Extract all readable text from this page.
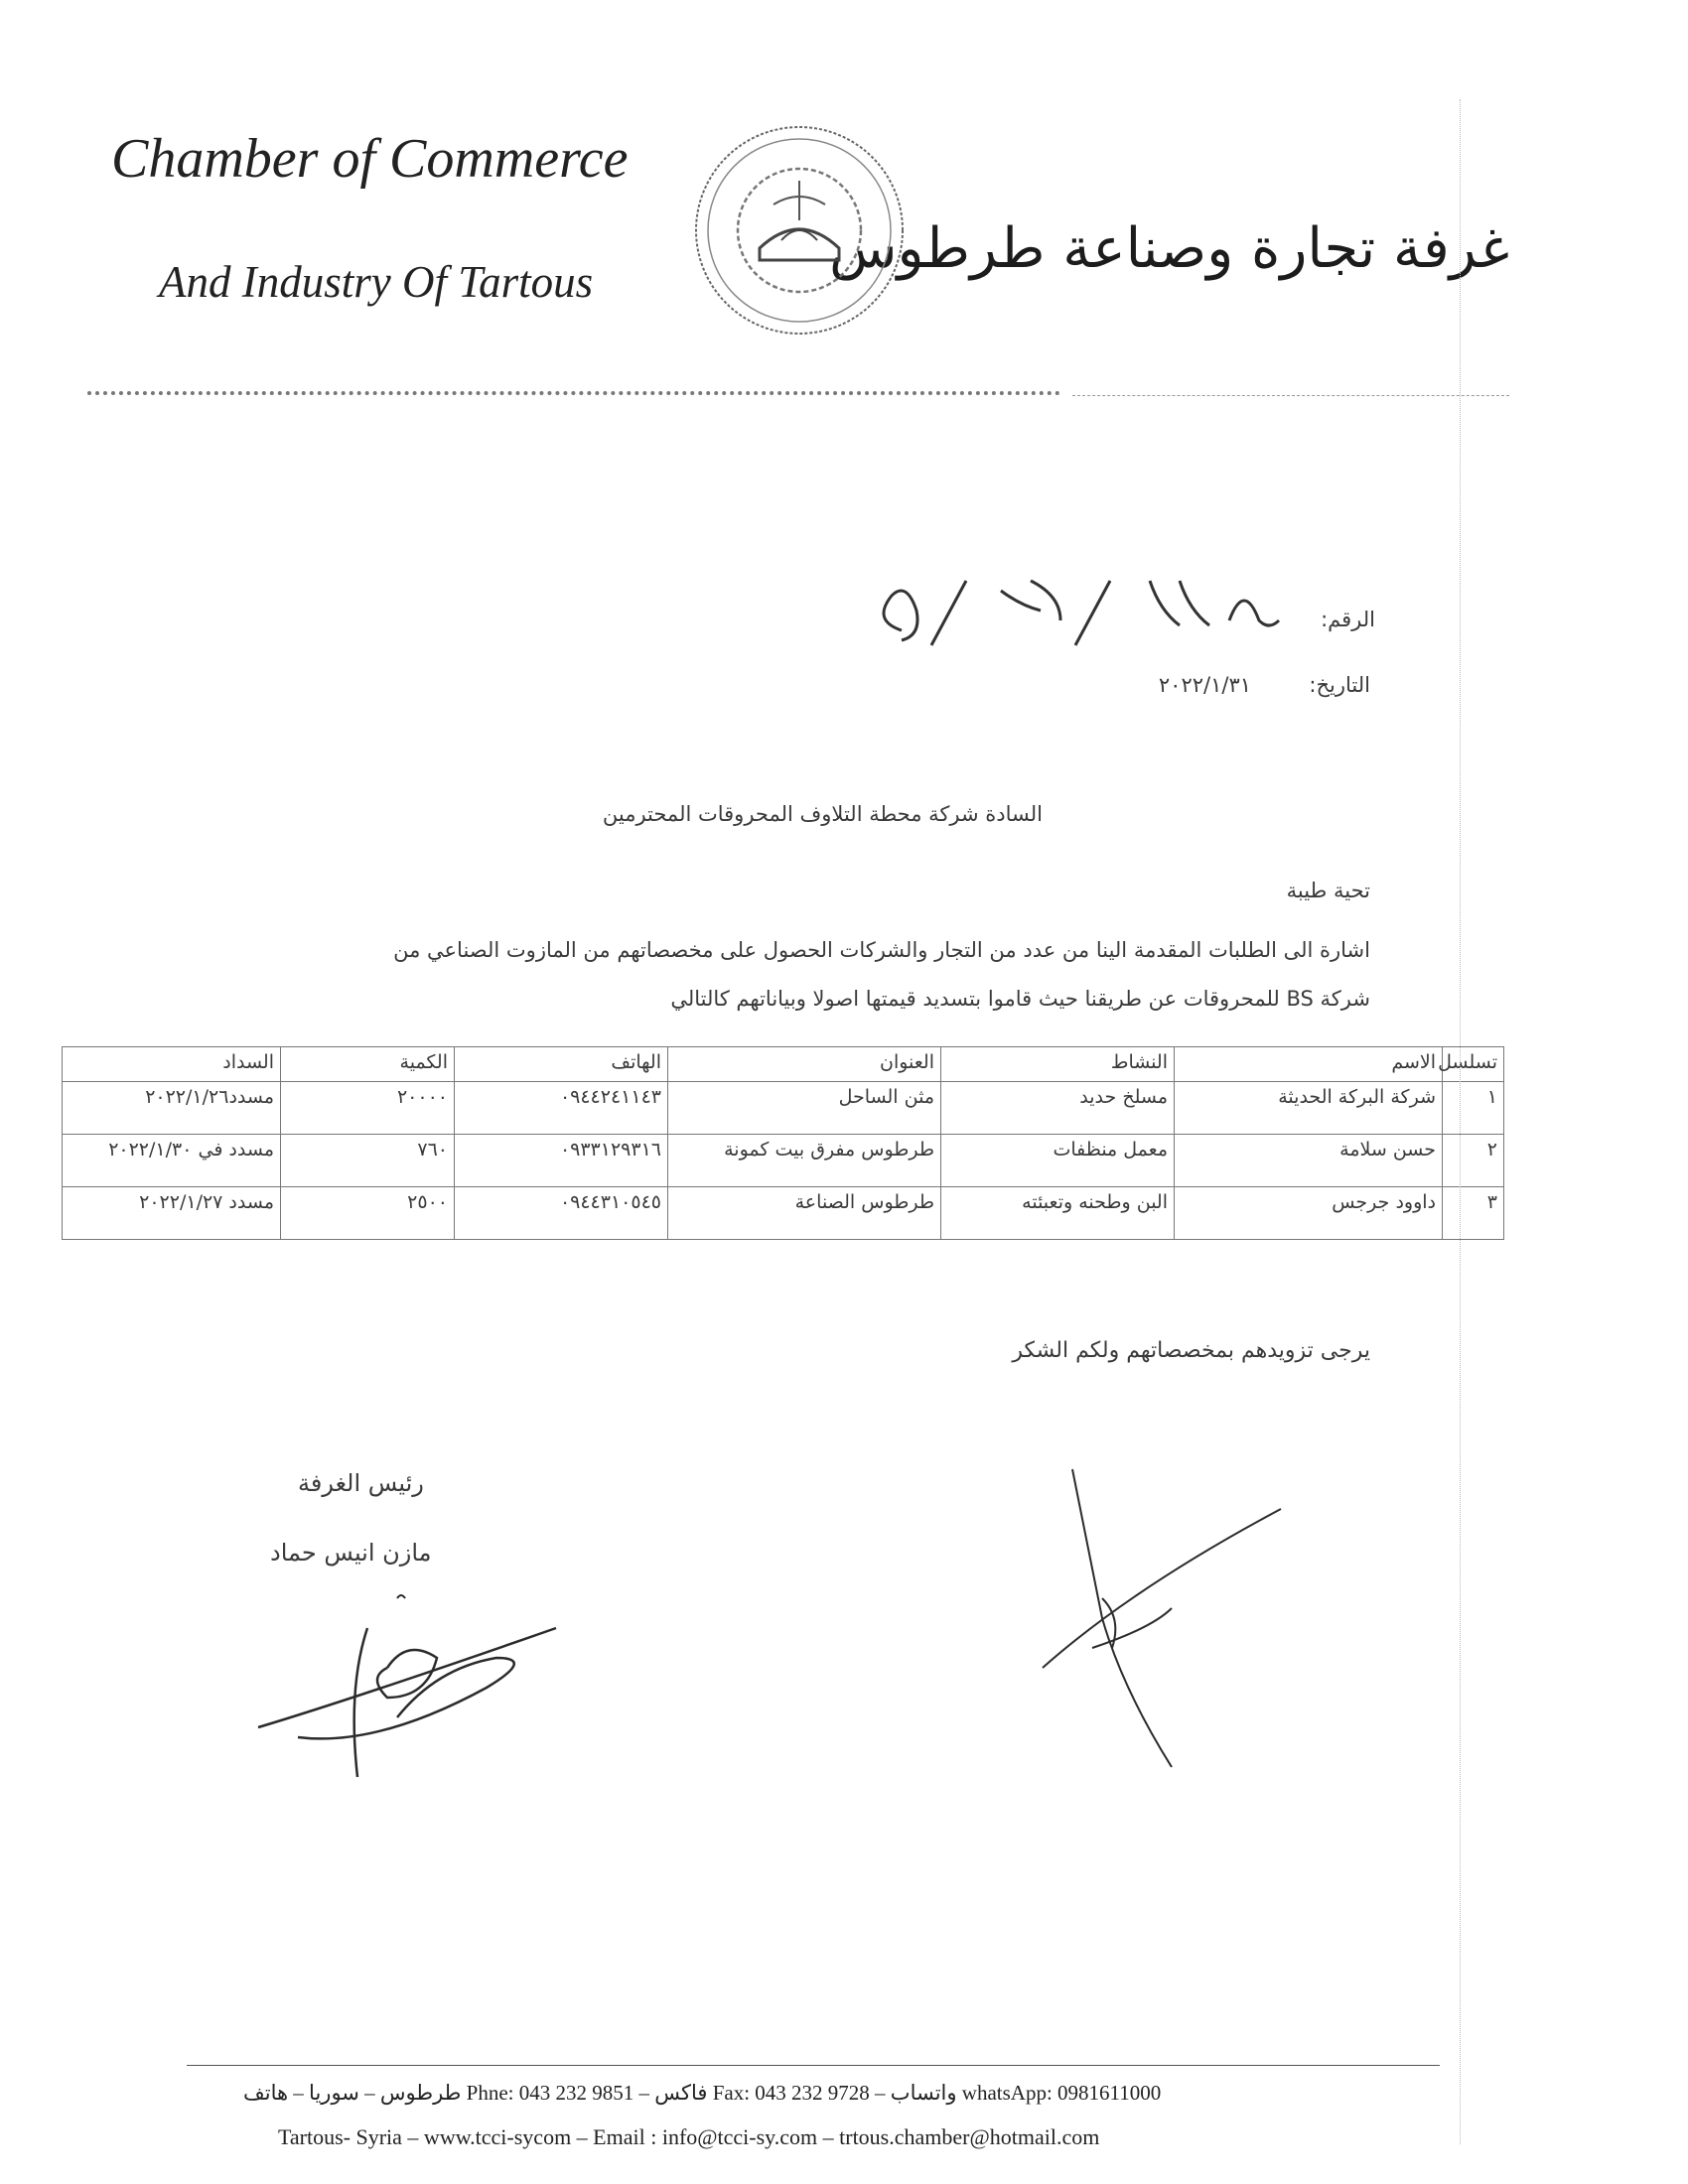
Chamber of Commerce
And Industry Of Tartous
غرفة تجارة وصناعة طرطوس
الرقم:
التاريخ:
٢٠٢٢/١/٣١
السادة شركة محطة التلاوف المحروقات المحترمين
تحية طيبة
اشارة الى الطلبات المقدمة الينا من عدد من التجار والشركات الحصول على مخصصاتهم من المازوت الصناعي من
شركة BS للمحروقات عن طريقنا حيث قاموا بتسديد قيمتها اصولا وبياناتهم كالتالي
تسلسل	الاسم	النشاط	العنوان	الهاتف	الكمية	السداد
١	شركة البركة الحديثة	مسلخ حديد	مثن الساحل	٠٩٤٤٢٤١١٤٣	٢٠٠٠٠	مسدد٢٠٢٢/١/٢٦
٢	حسن سلامة	معمل منظفات	طرطوس مفرق بيت كمونة	٠٩٣٣١٢٩٣١٦	٧٦٠	مسدد في ٢٠٢٢/١/٣٠
٣	داوود جرجس	البن وطحنه وتعبئته	طرطوس الصناعة	٠٩٤٤٣١٠٥٤٥	٢٥٠٠	مسدد ٢٠٢٢/١/٢٧
يرجى تزويدهم بمخصصاتهم ولكم الشكر
رئيس الغرفة
مازن انيس حماد
طرطوس – سوريا – هاتف Phne: 043 232 9851 – فاكس Fax: 043 232 9728 – واتساب whatsApp: 0981611000
Tartous- Syria – www.tcci-sycom – Email : info@tcci-sy.com – trtous.chamber@hotmail.com
